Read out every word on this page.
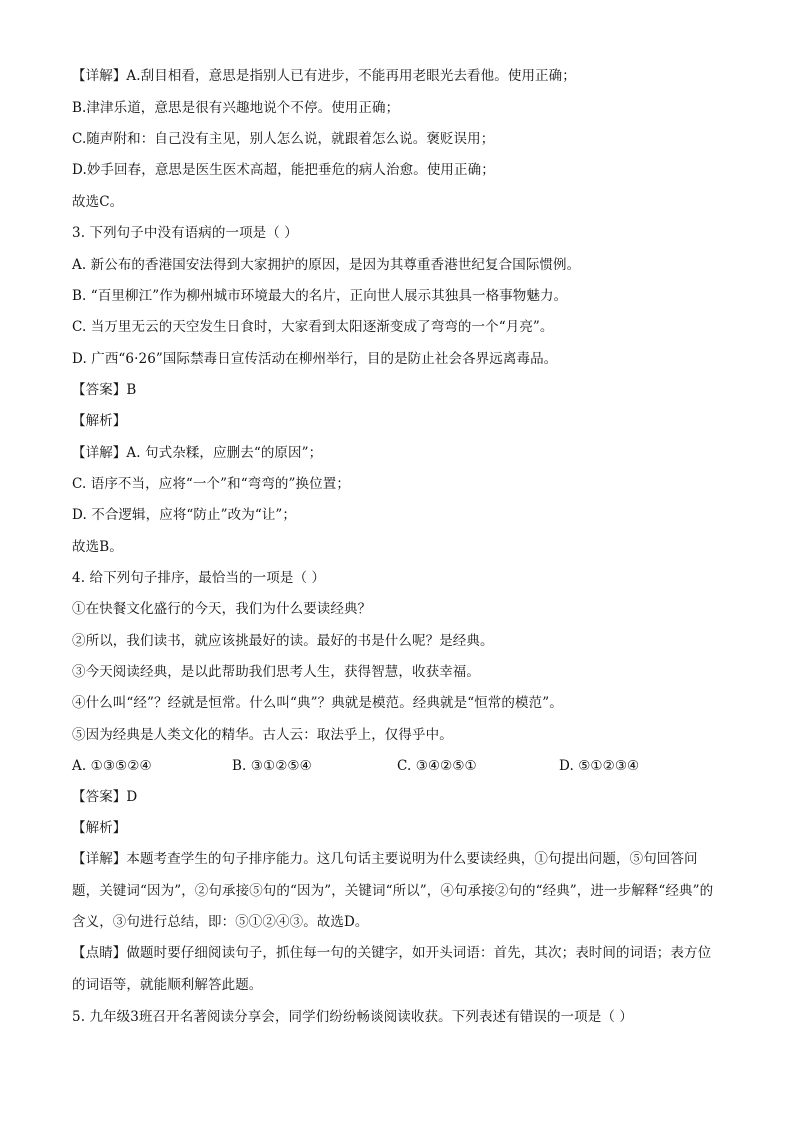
【详解】A.刮目相看，意思是指别人已有进步，不能再用老眼光去看他。使用正确；
B.津津乐道，意思是很有兴趣地说个不停。使用正确；
C.随声附和：自己没有主见，别人怎么说，就跟着怎么说。褒贬误用；
D.妙手回春，意思是医生医术高超，能把垂危的病人治愈。使用正确；
故选C。
3. 下列句子中没有语病的一项是（ ）
A. 新公布的香港国安法得到大家拥护的原因，是因为其尊重香港世纪复合国际惯例。
B. “百里柳江”作为柳州城市环境最大的名片，正向世人展示其独具一格事物魅力。
C. 当万里无云的天空发生日食时，大家看到太阳逐渐变成了弯弯的一个“月亮”。
D. 广西“6·26”国际禁毒日宣传活动在柳州举行，目的是防止社会各界远离毒品。
【答案】B
【解析】
【详解】A. 句式杂糅，应删去“的原因”；
C. 语序不当，应将“一个”和“弯弯的”换位置；
D. 不合逻辑，应将“防止”改为“让”；
故选B。
4. 给下列句子排序，最恰当的一项是（ ）
①在快餐文化盛行的今天，我们为什么要读经典？
②所以，我们读书，就应该挑最好的读。最好的书是什么呢？是经典。
③今天阅读经典，是以此帮助我们思考人生，获得智慧，收获幸福。
④什么叫“经”？经就是恒常。什么叫“典”？典就是模范。经典就是“恒常的模范”。
⑤因为经典是人类文化的精华。古人云：取法乎上，仅得乎中。
A. ①③⑤②④	B. ③①②⑤④	C. ③④②⑤①	D. ⑤①②③④
【答案】D
【解析】
【详解】本题考查学生的句子排序能力。这几句话主要说明为什么要读经典，①句提出问题，⑤句回答问题，关键词“因为”，②句承接⑤句的“因为”，关键词“所以”，④句承接②句的“经典”，进一步解释“经典”的含义，③句进行总结，即：⑤①②④③。故选D。
【点睛】做题时要仔细阅读句子，抓住每一句的关键字，如开头词语：首先，其次；表时间的词语；表方位的词语等，就能顺利解答此题。
5. 九年级3班召开名著阅读分享会，同学们纷纷畅谈阅读收获。下列表述有错误的一项是（ ）
